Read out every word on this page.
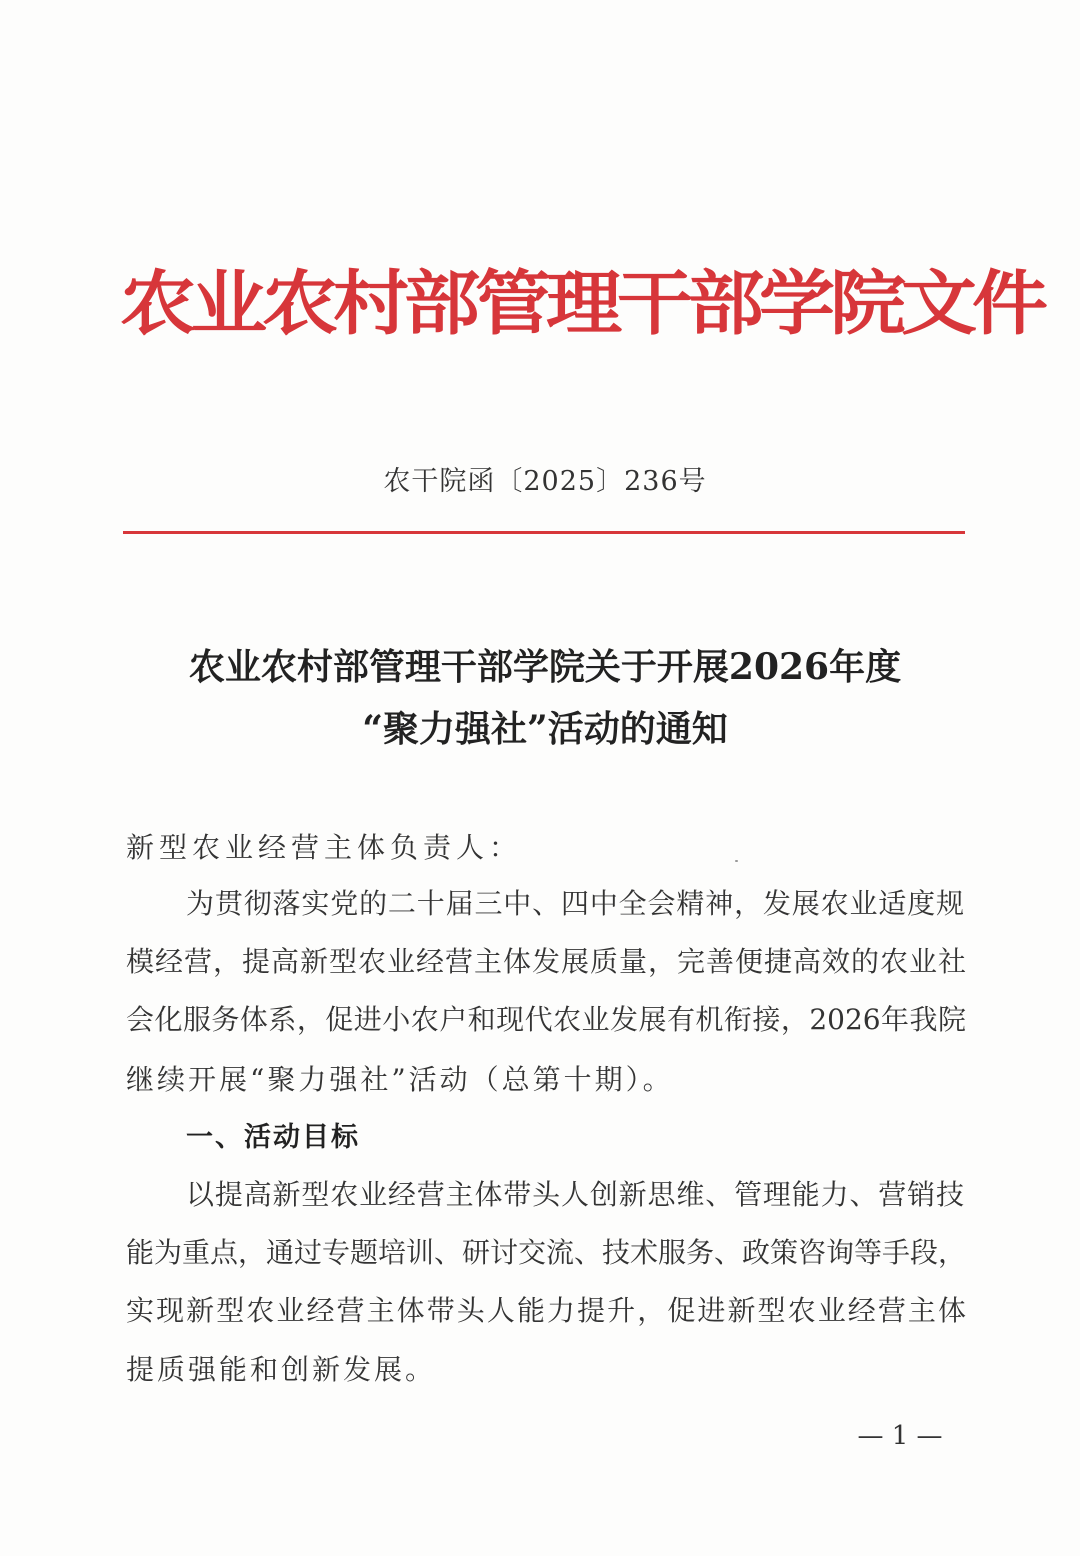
农业农村部管理干部学院文件
农干院函〔2025〕236号
农业农村部管理干部学院关于开展2026年度
“聚力强社”活动的通知
新型农业经营主体负责人：
为贯彻落实党的二十届三中、四中全会精神，发展农业适度规
模经营，提高新型农业经营主体发展质量，完善便捷高效的农业社
会化服务体系，促进小农户和现代农业发展有机衔接，2026年我院
继续开展“聚力强社”活动（总第十期）。
一、活动目标
以提高新型农业经营主体带头人创新思维、管理能力、营销技
能为重点，通过专题培训、研讨交流、技术服务、政策咨询等手段，
实现新型农业经营主体带头人能力提升，促进新型农业经营主体
提质强能和创新发展。
— 1 —
